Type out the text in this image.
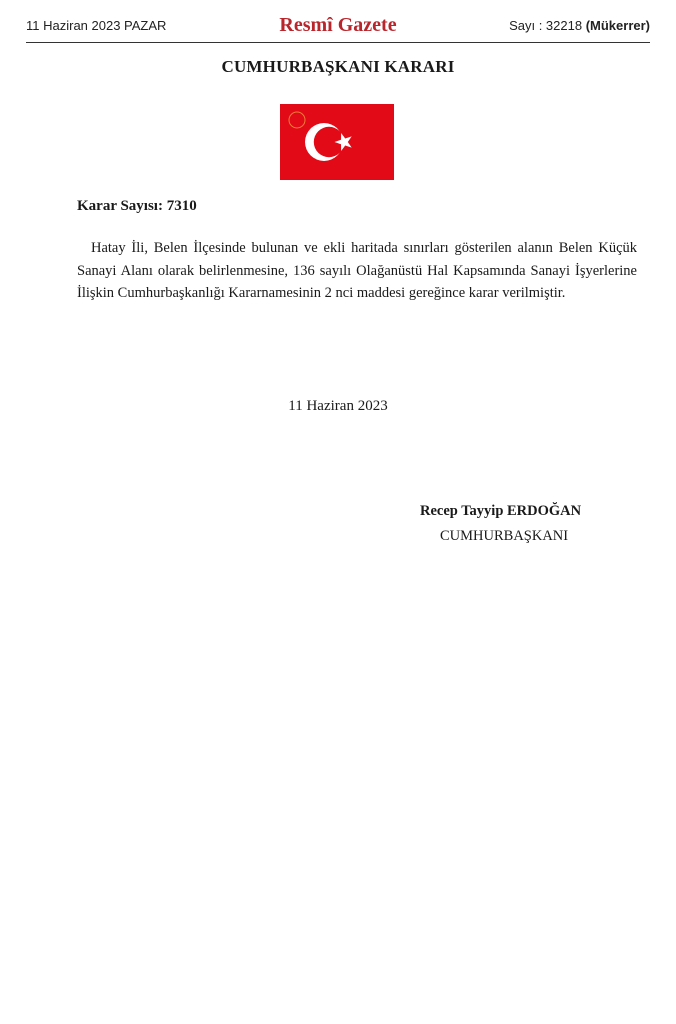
11 Haziran 2023 PAZAR	Resmî Gazete	Sayı : 32218 (Mükerrer)
CUMHURBAŞKANI KARARI
Karar Sayısı: 7310

Hatay İli, Belen İlçesinde bulunan ve ekli haritada sınırları gösterilen alanın Belen Küçük Sanayi Alanı olarak belirlenmesine, 136 sayılı Olağanüstü Hal Kapsamında Sanayi İşyerlerine İlişkin Cumhurbaşkanlığı Kararnamesinin 2 nci maddesi gereğince karar verilmiştir.

11 Haziran 2023
Recep Tayyip ERDOĞAN
CUMHURBAŞKANI
